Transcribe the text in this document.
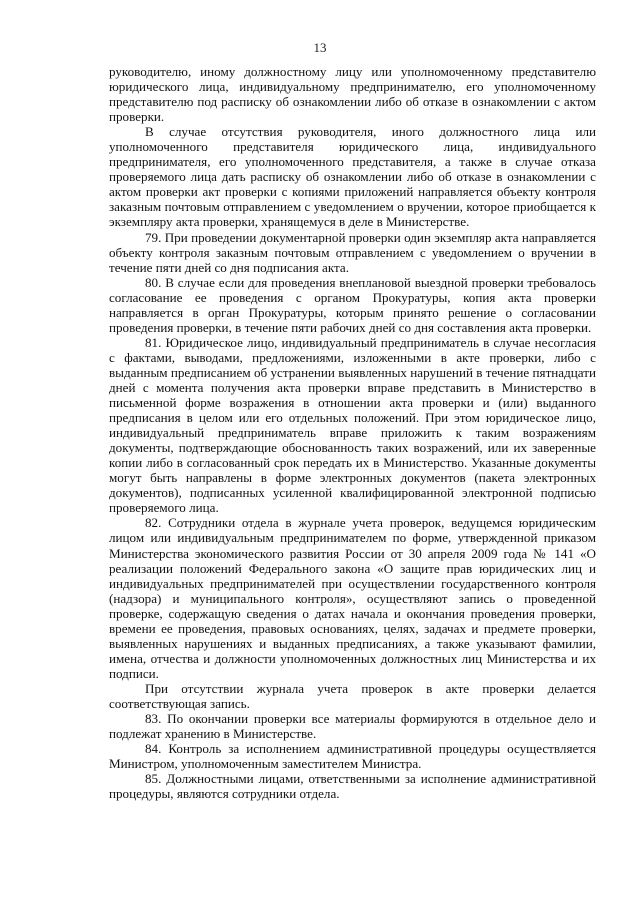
13

руководителю, иному должностному лицу или уполномоченному представителю юридического лица, индивидуальному предпринимателю, его уполномоченному представителю под расписку об ознакомлении либо об отказе в ознакомлении с актом проверки.

В случае отсутствия руководителя, иного должностного лица или уполномоченного представителя юридического лица, индивидуального предпринимателя, его уполномоченного представителя, а также в случае отказа проверяемого лица дать расписку об ознакомлении либо об отказе в ознакомлении с актом проверки акт проверки с копиями приложений направляется объекту контроля заказным почтовым отправлением с уведомлением о вручении, которое приобщается к экземпляру акта проверки, хранящемуся в деле в Министерстве.

79. При проведении документарной проверки один экземпляр акта направляется объекту контроля заказным почтовым отправлением с уведомлением о вручении в течение пяти дней со дня подписания акта.

80. В случае если для проведения внеплановой выездной проверки требовалось согласование ее проведения с органом Прокуратуры, копия акта проверки направляется в орган Прокуратуры, которым принято решение о согласовании проведения проверки, в течение пяти рабочих дней со дня составления акта проверки.

81. Юридическое лицо, индивидуальный предприниматель в случае несогласия с фактами, выводами, предложениями, изложенными в акте проверки, либо с выданным предписанием об устранении выявленных нарушений в течение пятнадцати дней с момента получения акта проверки вправе представить в Министерство в письменной форме возражения в отношении акта проверки и (или) выданного предписания в целом или его отдельных положений. При этом юридическое лицо, индивидуальный предприниматель вправе приложить к таким возражениям документы, подтверждающие обоснованность таких возражений, или их заверенные копии либо в согласованный срок передать их в Министерство. Указанные документы могут быть направлены в форме электронных документов (пакета электронных документов), подписанных усиленной квалифицированной электронной подписью проверяемого лица.

82. Сотрудники отдела в журнале учета проверок, ведущемся юридическим лицом или индивидуальным предпринимателем по форме, утвержденной приказом Министерства экономического развития России от 30 апреля 2009 года № 141 «О реализации положений Федерального закона «О защите прав юридических лиц и индивидуальных предпринимателей при осуществлении государственного контроля (надзора) и муниципального контроля», осуществляют запись о проведенной проверке, содержащую сведения о датах начала и окончания проведения проверки, времени ее проведения, правовых основаниях, целях, задачах и предмете проверки, выявленных нарушениях и выданных предписаниях, а также указывают фамилии, имена, отчества и должности уполномоченных должностных лиц Министерства и их подписи.

При отсутствии журнала учета проверок в акте проверки делается соответствующая запись.

83. По окончании проверки все материалы формируются в отдельное дело и подлежат хранению в Министерстве.

84. Контроль за исполнением административной процедуры осуществляется Министром, уполномоченным заместителем Министра.

85. Должностными лицами, ответственными за исполнение административной процедуры, являются сотрудники отдела.
